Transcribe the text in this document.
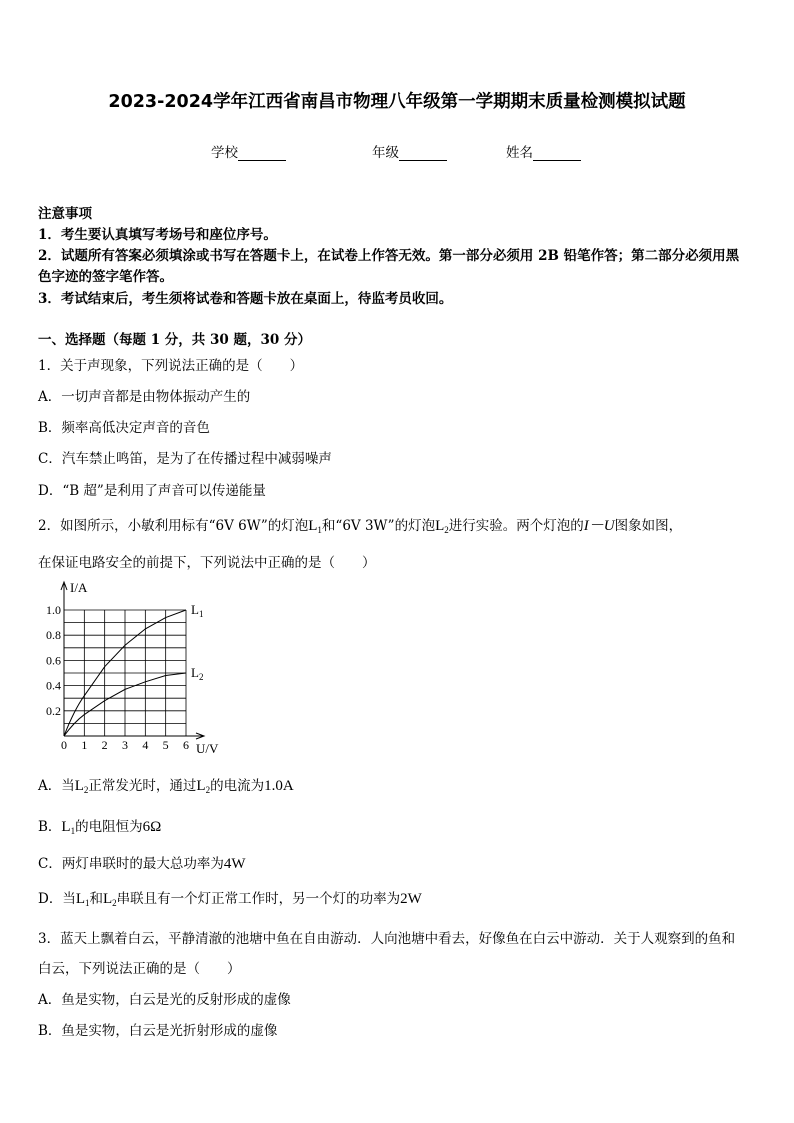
2023-2024学年江西省南昌市物理八年级第一学期期末质量检测模拟试题
学校	年级	姓名
注意事项
1．考生要认真填写考场号和座位序号。
2．试题所有答案必须填涂或书写在答题卡上，在试卷上作答无效。第一部分必须用 2B 铅笔作答；第二部分必须用黑
色字迹的签字笔作答。
3．考试结束后，考生须将试卷和答题卡放在桌面上，待监考员收回。
一、选择题（每题 1 分，共 30 题，30 分）
1．关于声现象，下列说法正确的是（　　）
A．一切声音都是由物体振动产生的
B．频率高低决定声音的音色
C．汽车禁止鸣笛，是为了在传播过程中减弱噪声
D．“B 超”是利用了声音可以传递能量
2．如图所示，小敏利用标有“6V 6W”的灯泡$L_1$和“6V 3W”的灯泡$L_2$进行实验。两个灯泡的I－U图象如图，
在保证电路安全的前提下，下列说法中正确的是（　　）
I/A
U/V
0 1 2 3 4 5 6
0.2
0.4
0.6
0.8
1.0	$L_1$
$L_2$
A．当$L_2$正常发光时，通过$L_2$的电流为1.0A
B．$L_1$的电阻恒为6Ω
C．两灯串联时的最大总功率为4W
D．当$L_1$和$L_2$串联且有一个灯正常工作时，另一个灯的功率为2W
3．蓝天上飘着白云，平静清澈的池塘中鱼在自由游动．人向池塘中看去，好像鱼在白云中游动．关于人观察到的鱼和
白云，下列说法正确的是（　　）
A．鱼是实物，白云是光的反射形成的虚像
B．鱼是实物，白云是光折射形成的虚像
